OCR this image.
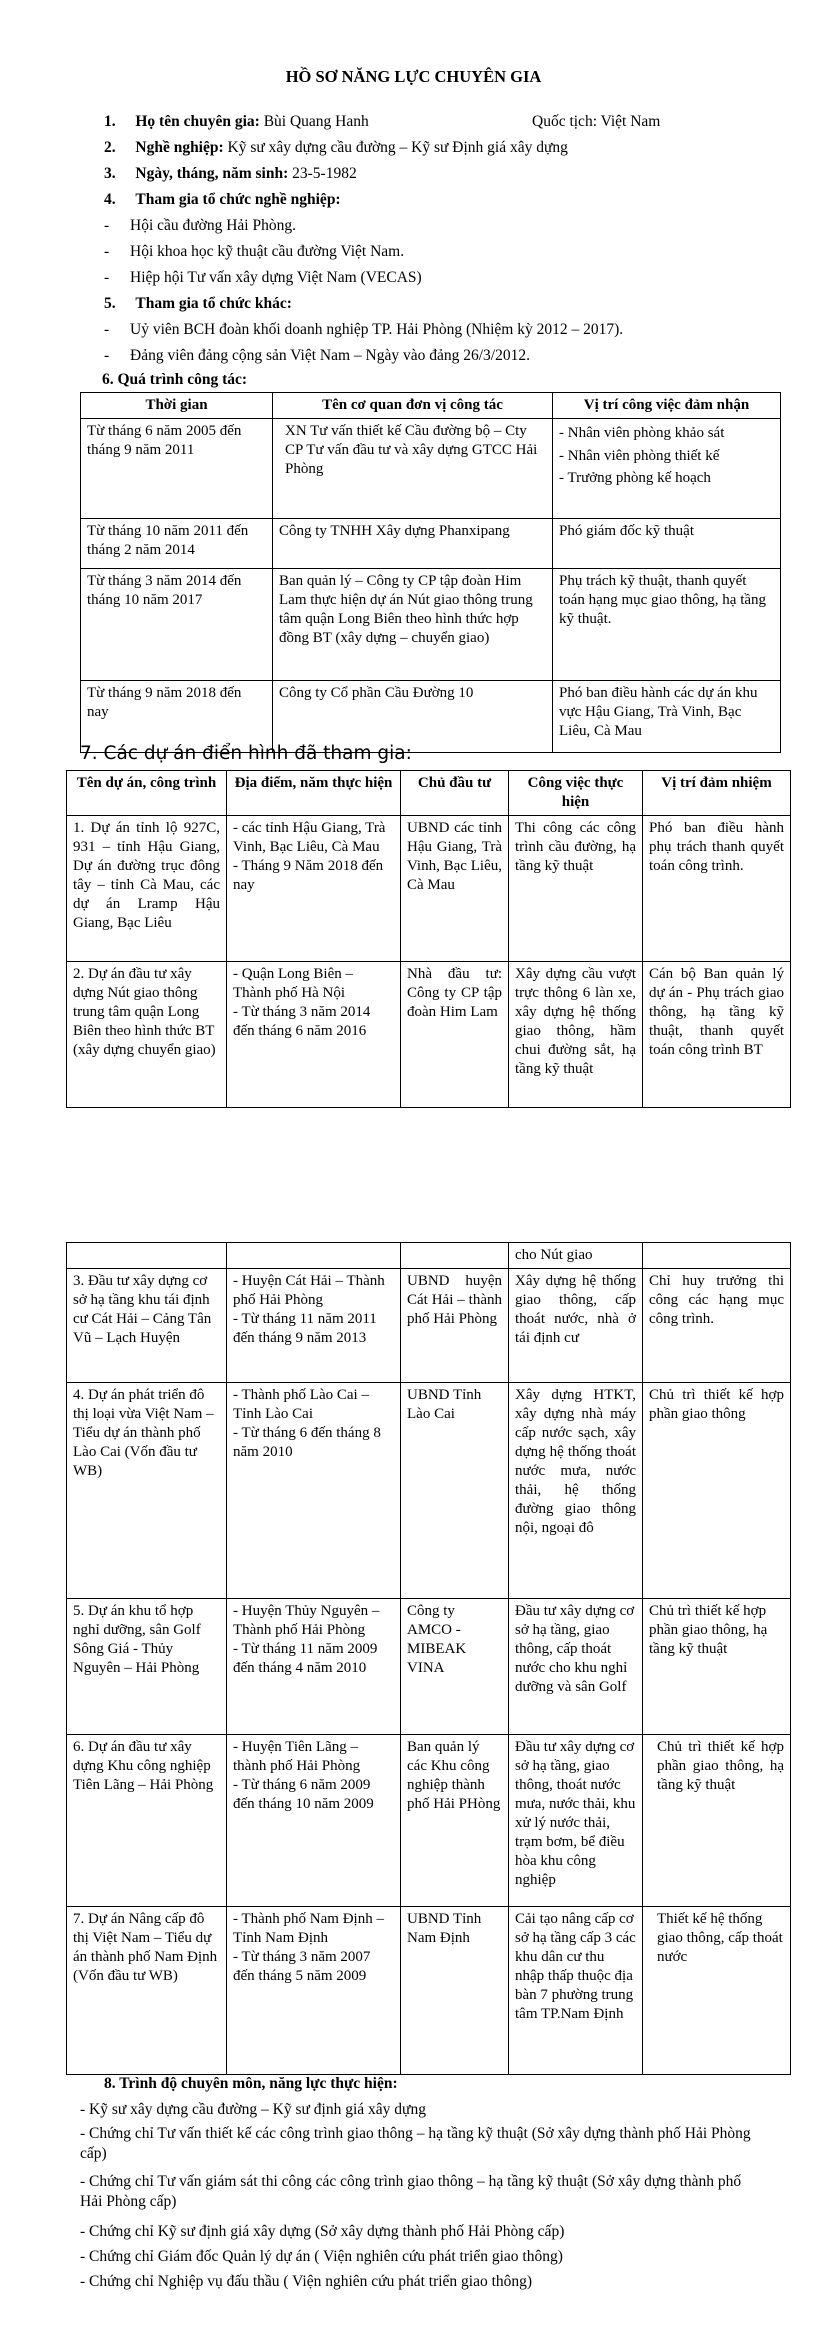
HỒ SƠ NĂNG LỰC CHUYÊN GIA
1. Họ tên chuyên gia: Bùi Quang Hanh	Quốc tịch: Việt Nam
2. Nghề nghiệp: Kỹ sư xây dựng cầu đường – Kỹ sư Định giá xây dựng
3. Ngày, tháng, năm sinh: 23-5-1982
4. Tham gia tổ chức nghề nghiệp:
- Hội cầu đường Hải Phòng.
- Hội khoa học kỹ thuật cầu đường Việt Nam.
- Hiệp hội Tư vấn xây dựng Việt Nam (VECAS)
5. Tham gia tổ chức khác:
- Uỷ viên BCH đoàn khối doanh nghiệp TP. Hải Phòng (Nhiệm kỳ 2012 – 2017).
- Đảng viên đảng cộng sản Việt Nam – Ngày vào đảng 26/3/2012.
6. Quá trình công tác:
Thời gian	Tên cơ quan đơn vị công tác	Vị trí công việc đảm nhận
Từ tháng 6 năm 2005 đến tháng 9 năm 2011	XN Tư vấn thiết kế Cầu đường bộ – Cty CP Tư vấn đầu tư và xây dựng GTCC Hải Phòng	- Nhân viên phòng khảo sát
- Nhân viên phòng thiết kế
- Trưởng phòng kế hoạch

Từ tháng 10 năm 2011 đến tháng 2 năm 2014	Công ty TNHH Xây dựng Phanxipang	Phó giám đốc kỹ thuật
Từ tháng 3 năm 2014 đến tháng 10 năm 2017	Ban quản lý – Công ty CP tập đoàn Him Lam thực hiện dự án Nút giao thông trung tâm quận Long Biên theo hình thức hợp đồng BT (xây dựng – chuyển giao)	Phụ trách kỹ thuật, thanh quyết toán hạng mục giao thông, hạ tầng kỹ thuật.
Từ tháng 9 năm 2018 đến nay	Công ty Cổ phần Cầu Đường 10	Phó ban điều hành các dự án khu vực Hậu Giang, Trà Vinh, Bạc Liêu, Cà Mau
7. Các dự án điển hình đã tham gia:
Tên dự án, công trình	Địa điểm, năm thực hiện	Chủ đầu tư	Công việc thực hiện	Vị trí đảm nhiệm
1. Dự án tỉnh lộ 927C, 931 – tỉnh Hậu Giang, Dự án đường trục đông tây – tỉnh Cà Mau, các dự án Lramp Hậu Giang, Bạc Liêu	- các tỉnh Hậu Giang, Trà Vinh, Bạc Liêu, Cà Mau
- Tháng 9 Năm 2018 đến nay	UBND các tỉnh Hậu Giang, Trà Vinh, Bạc Liêu, Cà Mau	Thi công các công trình cầu đường, hạ tầng kỹ thuật	Phó ban điều hành phụ trách thanh quyết toán công trình.
2. Dự án đầu tư xây dựng Nút giao thông trung tâm quận Long Biên theo hình thức BT (xây dựng chuyển giao)	- Quận Long Biên – Thành phố Hà Nội
- Từ tháng 3 năm 2014 đến tháng 6 năm 2016	Nhà đầu tư: Công ty CP tập đoàn Him Lam	Xây dựng cầu vượt trực thông 6 làn xe, xây dựng hệ thống giao thông, hầm chui đường sắt, hạ tầng kỹ thuật	Cán bộ Ban quản lý dự án - Phụ trách giao thông, hạ tầng kỹ thuật, thanh quyết toán công trình BT
			cho Nút giao	
3. Đầu tư xây dựng cơ sở hạ tầng khu tái định cư Cát Hải – Cảng Tân Vũ – Lạch Huyện	- Huyện Cát Hải – Thành phố Hải Phòng
- Từ tháng 11 năm 2011 đến tháng 9 năm 2013	UBND huyện Cát Hải – thành phố Hải Phòng	Xây dựng hệ thống giao thông, cấp thoát nước, nhà ở tái định cư	Chỉ huy trưởng thi công các hạng mục công trình.
4. Dự án phát triển đô thị loại vừa Việt Nam – Tiểu dự án thành phố Lào Cai (Vốn đầu tư WB)	- Thành phố Lào Cai – Tỉnh Lào Cai
- Từ tháng 6 đến tháng 8 năm 2010	UBND Tỉnh Lào Cai	Xây dựng HTKT, xây dựng nhà máy cấp nước sạch, xây dựng hệ thống thoát nước mưa, nước thải, hệ thống đường giao thông nội, ngoại đô	Chủ trì thiết kế hợp phần giao thông
5. Dự án khu tổ hợp nghỉ dưỡng, sân Golf Sông Giá - Thủy Nguyên – Hải Phòng	- Huyện Thủy Nguyên – Thành phố Hải Phòng
- Từ tháng 11 năm 2009 đến tháng 4 năm 2010	Công ty AMCO - MIBEAK VINA	Đầu tư xây dựng cơ sở hạ tầng, giao thông, cấp thoát nước cho khu nghỉ dưỡng và sân Golf	Chủ trì thiết kế hợp phần giao thông, hạ tầng kỹ thuật
6. Dự án đầu tư xây dựng Khu công nghiệp Tiên Lãng – Hải Phòng	- Huyện Tiên Lãng – thành phố Hải Phòng
- Từ tháng 6 năm 2009 đến tháng 10 năm 2009	Ban quản lý các Khu công nghiệp thành phố Hải PHòng	Đầu tư xây dựng cơ sở hạ tầng, giao thông, thoát nước mưa, nước thải, khu xử lý nước thải, trạm bơm, bể điều hòa khu công nghiệp	Chủ trì thiết kế hợp phần giao thông, hạ tầng kỹ thuật
7. Dự án Nâng cấp đô thị Việt Nam – Tiểu dự án thành phố Nam Định (Vốn đầu tư WB)	- Thành phố Nam Định – Tỉnh Nam Định
- Từ tháng 3 năm 2007 đến tháng 5 năm 2009	UBND Tỉnh Nam Định	Cải tạo nâng cấp cơ sở hạ tầng cấp 3 các khu dân cư thu nhập thấp thuộc địa bàn 7 phường trung tâm TP.Nam Định	Thiết kế hệ thống giao thông, cấp thoát nước
8. Trình độ chuyên môn, năng lực thực hiện:
- Kỹ sư xây dựng cầu đường – Kỹ sư định giá xây dựng
- Chứng chỉ Tư vấn thiết kế các công trình giao thông – hạ tầng kỹ thuật (Sở xây dựng thành phố Hải Phòng cấp)
- Chứng chỉ Tư vấn giám sát thi công các công trình giao thông – hạ tầng kỹ thuật (Sở xây dựng thành phố Hải Phòng cấp)
- Chứng chỉ Kỹ sư định giá xây dựng (Sở xây dựng thành phố Hải Phòng cấp)
- Chứng chỉ Giám đốc Quản lý dự án ( Viện nghiên cứu phát triển giao thông)
- Chứng chỉ Nghiệp vụ đấu thầu ( Viện nghiên cứu phát triển giao thông)
